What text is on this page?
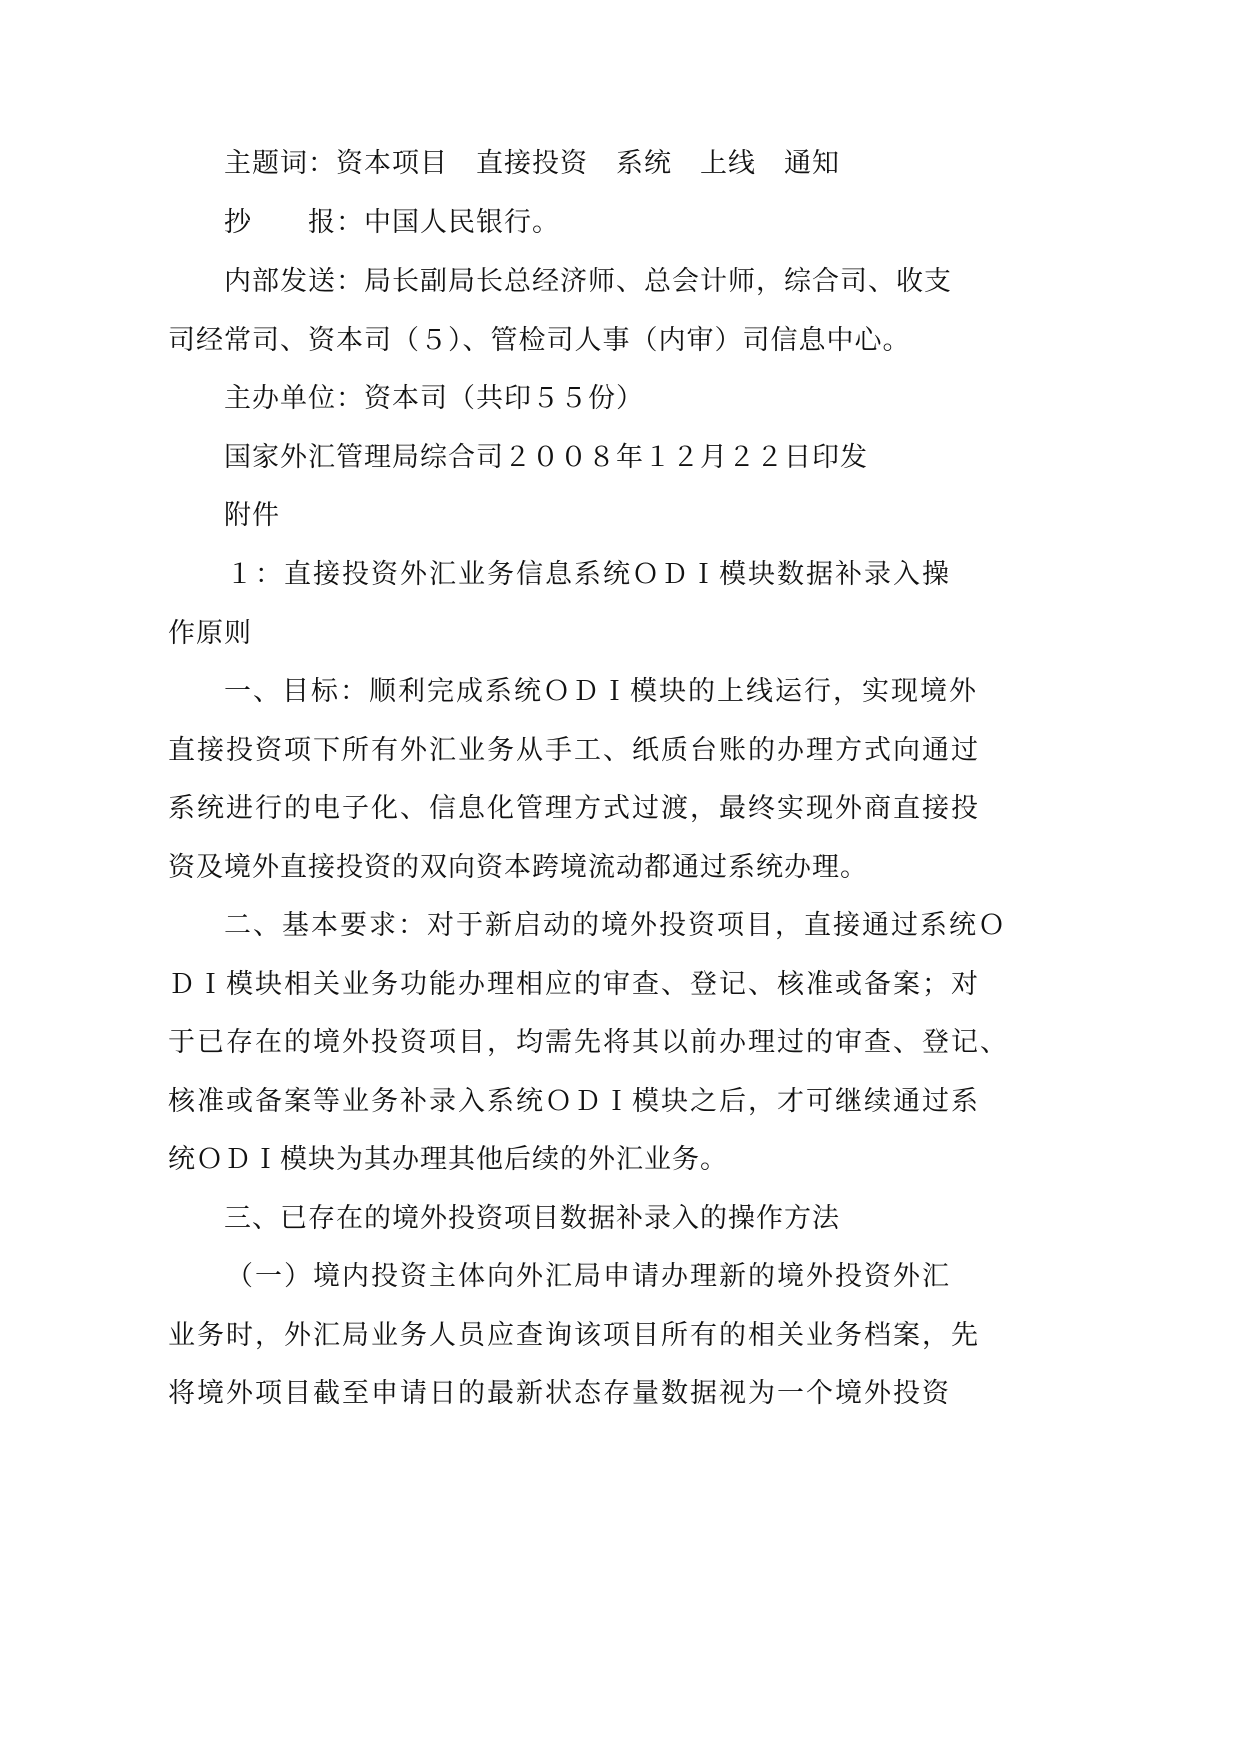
主题词：资本项目　直接投资　系统　上线　通知
抄　　报：中国人民银行。
内部发送：局长副局长总经济师、总会计师，综合司、收支
司经常司、资本司（５）、管检司人事（内审）司信息中心。
主办单位：资本司（共印５５份）
国家外汇管理局综合司２００８年１２月２２日印发
附件
１：直接投资外汇业务信息系统ＯＤＩ模块数据补录入操
作原则
一、目标：顺利完成系统ＯＤＩ模块的上线运行，实现境外
直接投资项下所有外汇业务从手工、纸质台账的办理方式向通过
系统进行的电子化、信息化管理方式过渡，最终实现外商直接投
资及境外直接投资的双向资本跨境流动都通过系统办理。
二、基本要求：对于新启动的境外投资项目，直接通过系统Ｏ
ＤＩ模块相关业务功能办理相应的审查、登记、核准或备案；对
于已存在的境外投资项目，均需先将其以前办理过的审查、登记、
核准或备案等业务补录入系统ＯＤＩ模块之后，才可继续通过系
统ＯＤＩ模块为其办理其他后续的外汇业务。
三、已存在的境外投资项目数据补录入的操作方法
（一）境内投资主体向外汇局申请办理新的境外投资外汇
业务时，外汇局业务人员应查询该项目所有的相关业务档案，先
将境外项目截至申请日的最新状态存量数据视为一个境外投资
